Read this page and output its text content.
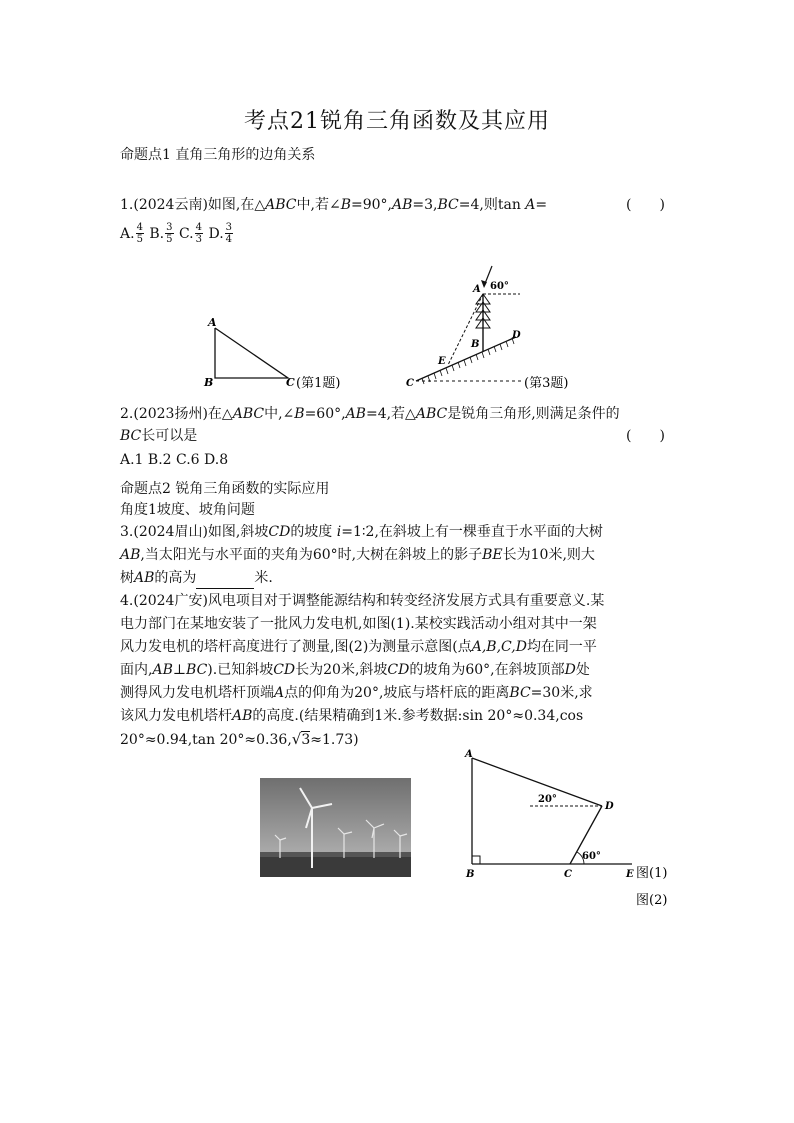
考点21锐角三角函数及其应用
命题点1 直角三角形的边角关系
1.(2024云南)如图,在△ABC中,若∠B=90°,AB=3,BC=4,则tan A=	(　　)
A. $\frac{4}{5} B$. $\frac{3}{5} C$. $\frac{4}{3} D$. $\frac{3}{4}$
A
B	C (第1题)
60°
A
B
C
D
E
(第3题)
2.(2023扬州)在△ABC中,∠B=60°,AB=4,若△ABC是锐角三角形,则满足条件的
BC长可以是	(　　)
A.1 B.2 C.6 D.8
命题点2 锐角三角函数的实际应用
角度1坡度、坡角问题
3.(2024眉山)如图,斜坡CD的坡度 i=1∶2,在斜坡上有一棵垂直于水平面的大树
AB,当太阳光与水平面的夹角为60°时,大树在斜坡上的影子BE长为10米,则大
树AB的高为	米.
4.(2024广安)风电项目对于调整能源结构和转变经济发展方式具有重要意义.某
电力部门在某地安装了一批风力发电机,如图(1).某校实践活动小组对其中一架
风力发电机的塔杆高度进行了测量,图(2)为测量示意图(点A,B,C,D均在同一平
面内,AB⊥BC).已知斜坡CD长为20米,斜坡CD的坡角为60°,在斜坡顶部D处
测得风力发电机塔杆顶端A点的仰角为20°,坡底与塔杆底的距离BC=30米,求
该风力发电机塔杆AB的高度.(结果精确到1米.参考数据:sin 20°≈0.34,cos
20°≈0.94,tan 20°≈0.36,√3≈1.73)
A
B	C
D
E
20°
60°
图(1)
图(2)
